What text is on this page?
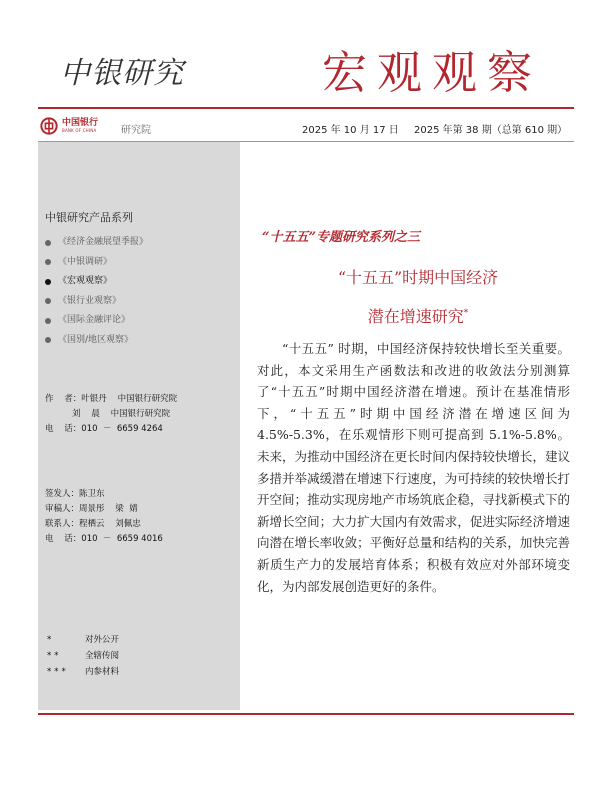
中银研究	宏观观察
中国银行
BANK OF CHINA 研究院	2025 年 10 月 17 日 2025 年第 38 期（总第 610 期）
中银研究产品系列
《经济金融展望季报》
《中银调研》
《宏观观察》
《银行业观察》
《国际金融评论》
《国别/地区观察》
作    者：叶银丹    中国银行研究院
刘    晨    中国银行研究院
电    话：010  －  6659 4264
签发人：陈卫东
审稿人：周景彤    梁  婧
联系人：程栖云    刘佩忠
电    话：010  －  6659 4016
*	对外公开
**	全辖传阅
***	内参材料
“十五五”专题研究系列之三
“十五五”时期中国经济
潜在增速研究*

“十五五” 时期，中国经济保持较快增长至关重要。对此，本文采用生产函数法和改进的收敛法分别测算了“十五五”时期中国经济潜在增速。预计在基准情形下，“十五五”时期中国经济潜在增速区间为 4.5%-5.3%，在乐观情形下则可提高到 5.1%-5.8%。未来，为推动中国经济在更长时间内保持较快增长，建议多措并举减缓潜在增速下行速度，为可持续的较快增长打开空间；推动实现房地产市场筑底企稳，寻找新模式下的新增长空间；大力扩大国内有效需求，促进实际经济增速向潜在增长率收敛；平衡好总量和结构的关系，加快完善新质生产力的发展培育体系；积极有效应对外部环境变化，为内部发展创造更好的条件。
